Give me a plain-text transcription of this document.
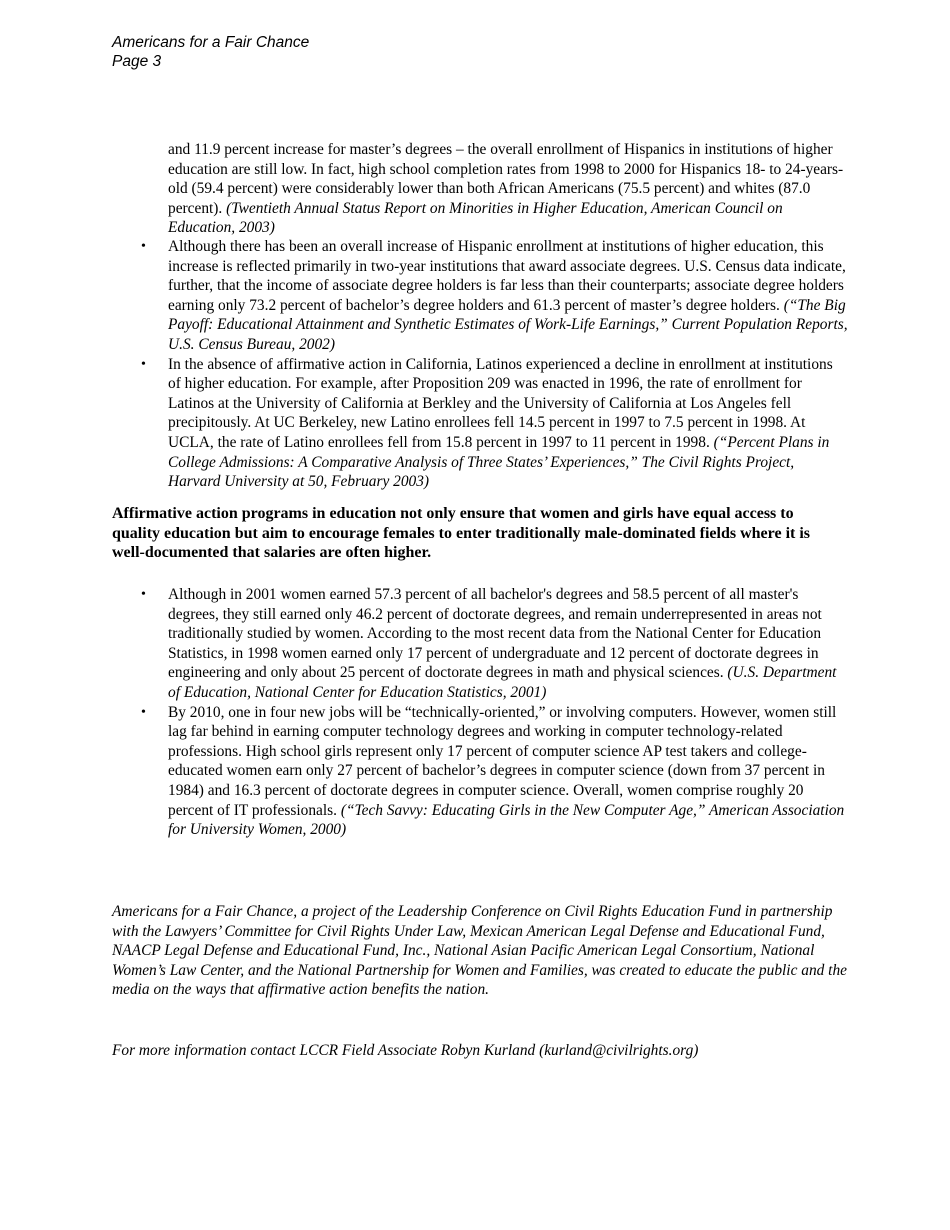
Americans for a Fair Chance
Page 3
and 11.9 percent increase for master’s degrees – the overall enrollment of Hispanics in institutions of higher education are still low. In fact, high school completion rates from 1998 to 2000 for Hispanics 18- to 24-years-old (59.4 percent) were considerably lower than both African Americans (75.5 percent) and whites (87.0 percent). (Twentieth Annual Status Report on Minorities in Higher Education, American Council on Education, 2003)
• Although there has been an overall increase of Hispanic enrollment at institutions of higher education, this increase is reflected primarily in two-year institutions that award associate degrees. U.S. Census data indicate, further, that the income of associate degree holders is far less than their counterparts; associate degree holders earning only 73.2 percent of bachelor’s degree holders and 61.3 percent of master’s degree holders. (“The Big Payoff: Educational Attainment and Synthetic Estimates of Work-Life Earnings,” Current Population Reports, U.S. Census Bureau, 2002)
• In the absence of affirmative action in California, Latinos experienced a decline in enrollment at institutions of higher education. For example, after Proposition 209 was enacted in 1996, the rate of enrollment for Latinos at the University of California at Berkley and the University of California at Los Angeles fell precipitously. At UC Berkeley, new Latino enrollees fell 14.5 percent in 1997 to 7.5 percent in 1998. At UCLA, the rate of Latino enrollees fell from 15.8 percent in 1997 to 11 percent in 1998. (“Percent Plans in College Admissions: A Comparative Analysis of Three States’ Experiences,” The Civil Rights Project, Harvard University at 50, February 2003)
Affirmative action programs in education not only ensure that women and girls have equal access to quality education but aim to encourage females to enter traditionally male-dominated fields where it is well-documented that salaries are often higher.
• Although in 2001 women earned 57.3 percent of all bachelor's degrees and 58.5 percent of all master's degrees, they still earned only 46.2 percent of doctorate degrees, and remain underrepresented in areas not traditionally studied by women. According to the most recent data from the National Center for Education Statistics, in 1998 women earned only 17 percent of undergraduate and 12 percent of doctorate degrees in engineering and only about 25 percent of doctorate degrees in math and physical sciences. (U.S. Department of Education, National Center for Education Statistics, 2001)
• By 2010, one in four new jobs will be “technically-oriented,” or involving computers. However, women still lag far behind in earning computer technology degrees and working in computer technology-related professions. High school girls represent only 17 percent of computer science AP test takers and college-educated women earn only 27 percent of bachelor’s degrees in computer science (down from 37 percent in 1984) and 16.3 percent of doctorate degrees in computer science. Overall, women comprise roughly 20 percent of IT professionals. (“Tech Savvy: Educating Girls in the New Computer Age,” American Association for University Women, 2000)
Americans for a Fair Chance, a project of the Leadership Conference on Civil Rights Education Fund in partnership with the Lawyers’ Committee for Civil Rights Under Law, Mexican American Legal Defense and Educational Fund, NAACP Legal Defense and Educational Fund, Inc., National Asian Pacific American Legal Consortium, National Women’s Law Center, and the National Partnership for Women and Families, was created to educate the public and the media on the ways that affirmative action benefits the nation.
For more information contact LCCR Field Associate Robyn Kurland (kurland@civilrights.org)
